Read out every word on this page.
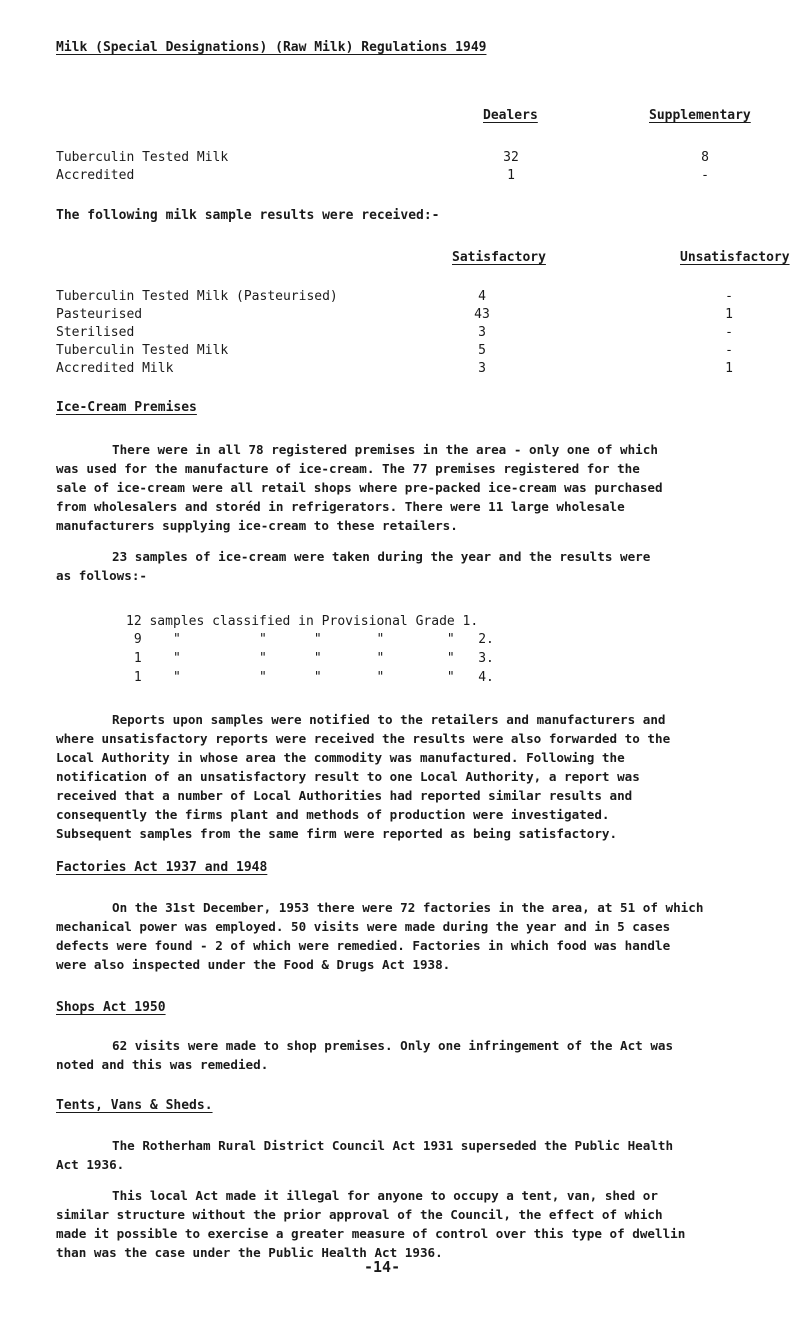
Milk (Special Designations) (Raw Milk) Regulations 1949
Dealers	Supplementary
Tuberculin Tested Milk	32	8
Accredited	1	-
The following milk sample results were received:-
Satisfactory	Unsatisfactory
Tuberculin Tested Milk (Pasteurised)	4	-
Pasteurised	43	1
Sterilised	3	-
Tuberculin Tested Milk	5	-
Accredited Milk	3	1
Ice-Cream Premises
There were in all 78 registered premises in the area - only one of which
was used for the manufacture of ice-cream. The 77 premises registered for the
sale of ice-cream were all retail shops where pre-packed ice-cream was purchased
from wholesalers and storéd in refrigerators. There were 11 large wholesale
manufacturers supplying ice-cream to these retailers.
23 samples of ice-cream were taken during the year and the results were
as follows:-
12 samples classified in Provisional Grade 1.
9    "          "      "       "        "   2.
1    "          "      "       "        "   3.
1    "          "      "       "        "   4.
Reports upon samples were notified to the retailers and manufacturers and
where unsatisfactory reports were received the results were also forwarded to the
Local Authority in whose area the commodity was manufactured. Following the
notification of an unsatisfactory result to one Local Authority, a report was
received that a number of Local Authorities had reported similar results and
consequently the firms plant and methods of production were investigated.
Subsequent samples from the same firm were reported as being satisfactory.
Factories Act 1937 and 1948
On the 31st December, 1953 there were 72 factories in the area, at 51 of which
mechanical power was employed. 50 visits were made during the year and in 5 cases
defects were found - 2 of which were remedied. Factories in which food was handle
were also inspected under the Food & Drugs Act 1938.
Shops Act 1950
62 visits were made to shop premises. Only one infringement of the Act was
noted and this was remedied.
Tents, Vans & Sheds.
The Rotherham Rural District Council Act 1931 superseded the Public Health
Act 1936.
This local Act made it illegal for anyone to occupy a tent, van, shed or
similar structure without the prior approval of the Council, the effect of which
made it possible to exercise a greater measure of control over this type of dwellin
than was the case under the Public Health Act 1936.
-14-
